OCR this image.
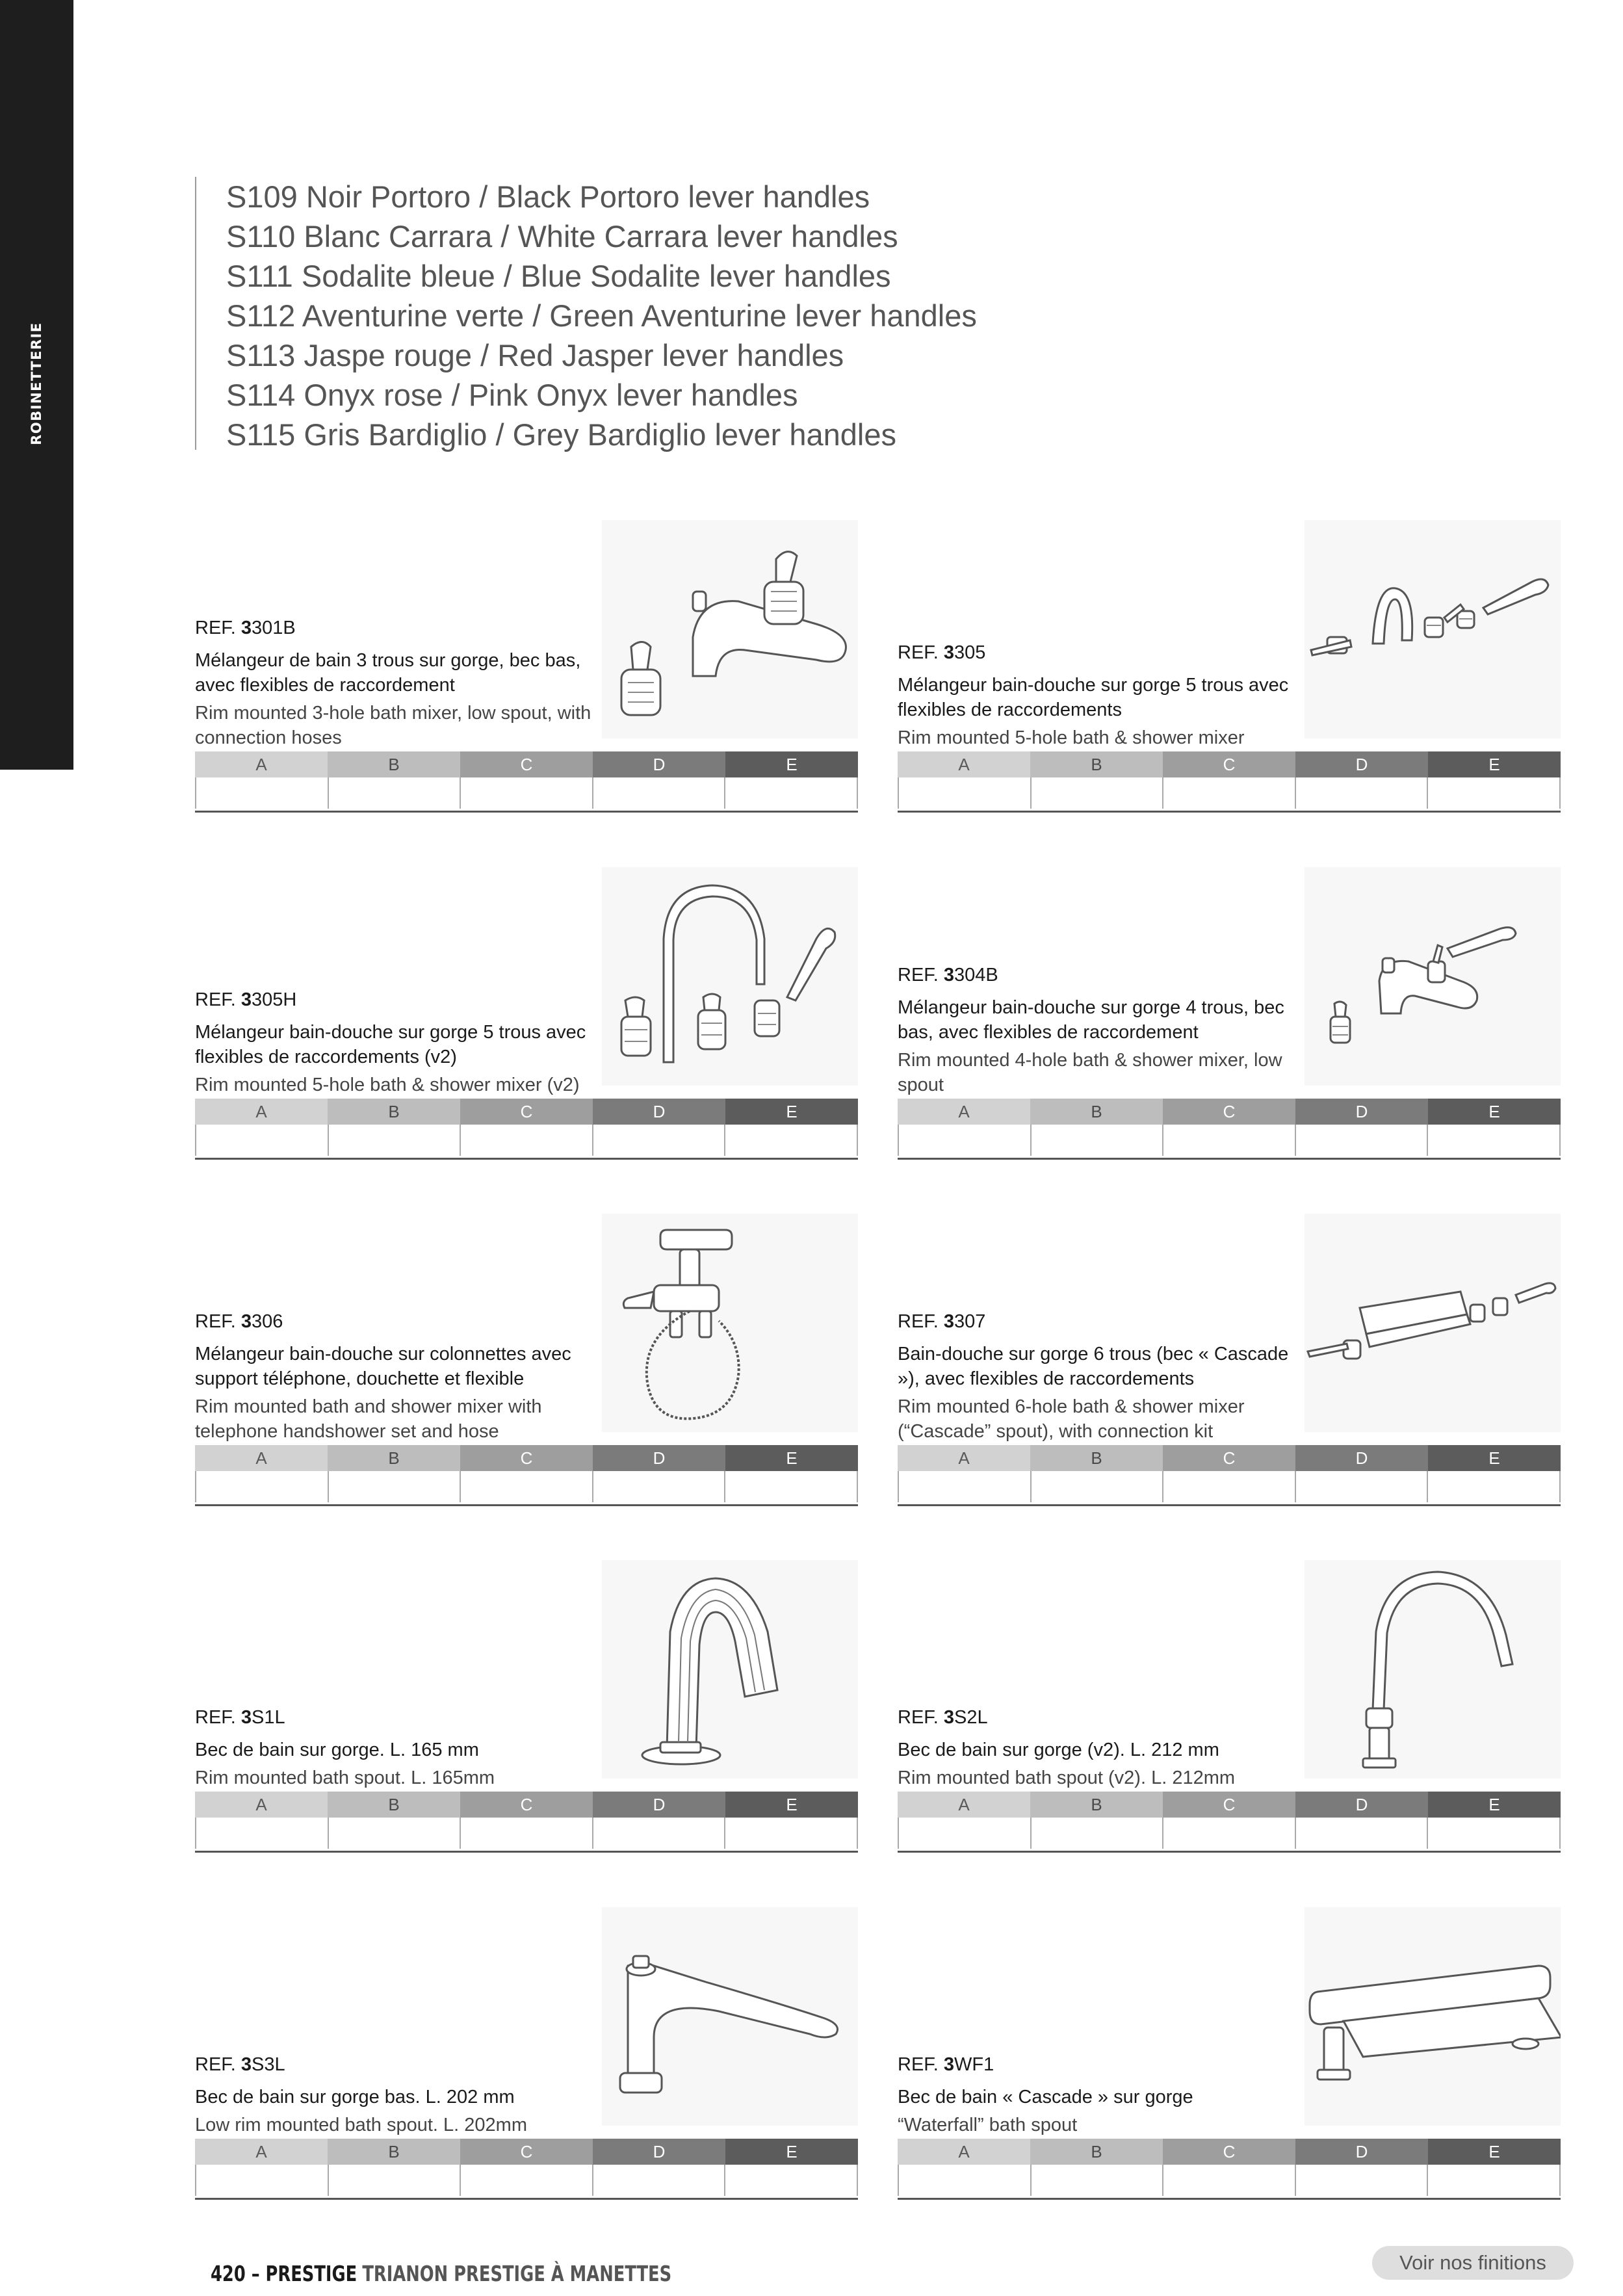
ROBINETTERIE
S109 Noir Portoro / Black Portoro lever handles
S110 Blanc Carrara / White Carrara lever handles
S111 Sodalite bleue / Blue Sodalite lever handles
S112 Aventurine verte / Green Aventurine lever handles
S113 Jaspe rouge / Red Jasper lever handles
S114 Onyx rose / Pink Onyx lever handles
S115 Gris Bardiglio / Grey Bardiglio lever handles
REF. 3301B
Mélangeur de bain 3 trous sur gorge, bec bas, avec flexibles de raccordement
Rim mounted 3-hole bath mixer, low spout, with connection hoses
A	B	C	D	E
REF. 3305
Mélangeur bain-douche sur gorge 5 trous avec flexibles de raccordements
Rim mounted 5-hole bath & shower mixer
A	B	C	D	E
REF. 3305H
Mélangeur bain-douche sur gorge 5 trous avec flexibles de raccordements (v2)
Rim mounted 5-hole bath & shower mixer (v2)
A	B	C	D	E
REF. 3304B
Mélangeur bain-douche sur gorge 4 trous, bec bas, avec flexibles de raccordement
Rim mounted 4-hole bath & shower mixer, low spout
A	B	C	D	E
REF. 3306
Mélangeur bain-douche sur colonnettes avec support téléphone, douchette et flexible
Rim mounted bath and shower mixer with telephone handshower set and hose
A	B	C	D	E
REF. 3307
Bain-douche sur gorge 6 trous (bec « Cascade »), avec flexibles de raccordements
Rim mounted 6-hole bath & shower mixer (“Cascade” spout), with connection kit
A	B	C	D	E
REF. 3S1L
Bec de bain sur gorge. L. 165 mm
Rim mounted bath spout. L. 165mm
A	B	C	D	E
REF. 3S2L
Bec de bain sur gorge (v2). L. 212 mm
Rim mounted bath spout (v2). L. 212mm
A	B	C	D	E
REF. 3S3L
Bec de bain sur gorge bas. L. 202 mm
Low rim mounted bath spout. L. 202mm
A	B	C	D	E
REF. 3WF1
Bec de bain « Cascade » sur gorge
“Waterfall” bath spout
A	B	C	D	E
420 – PRESTIGE TRIANON PRESTIGE À MANETTES	Voir nos finitions
